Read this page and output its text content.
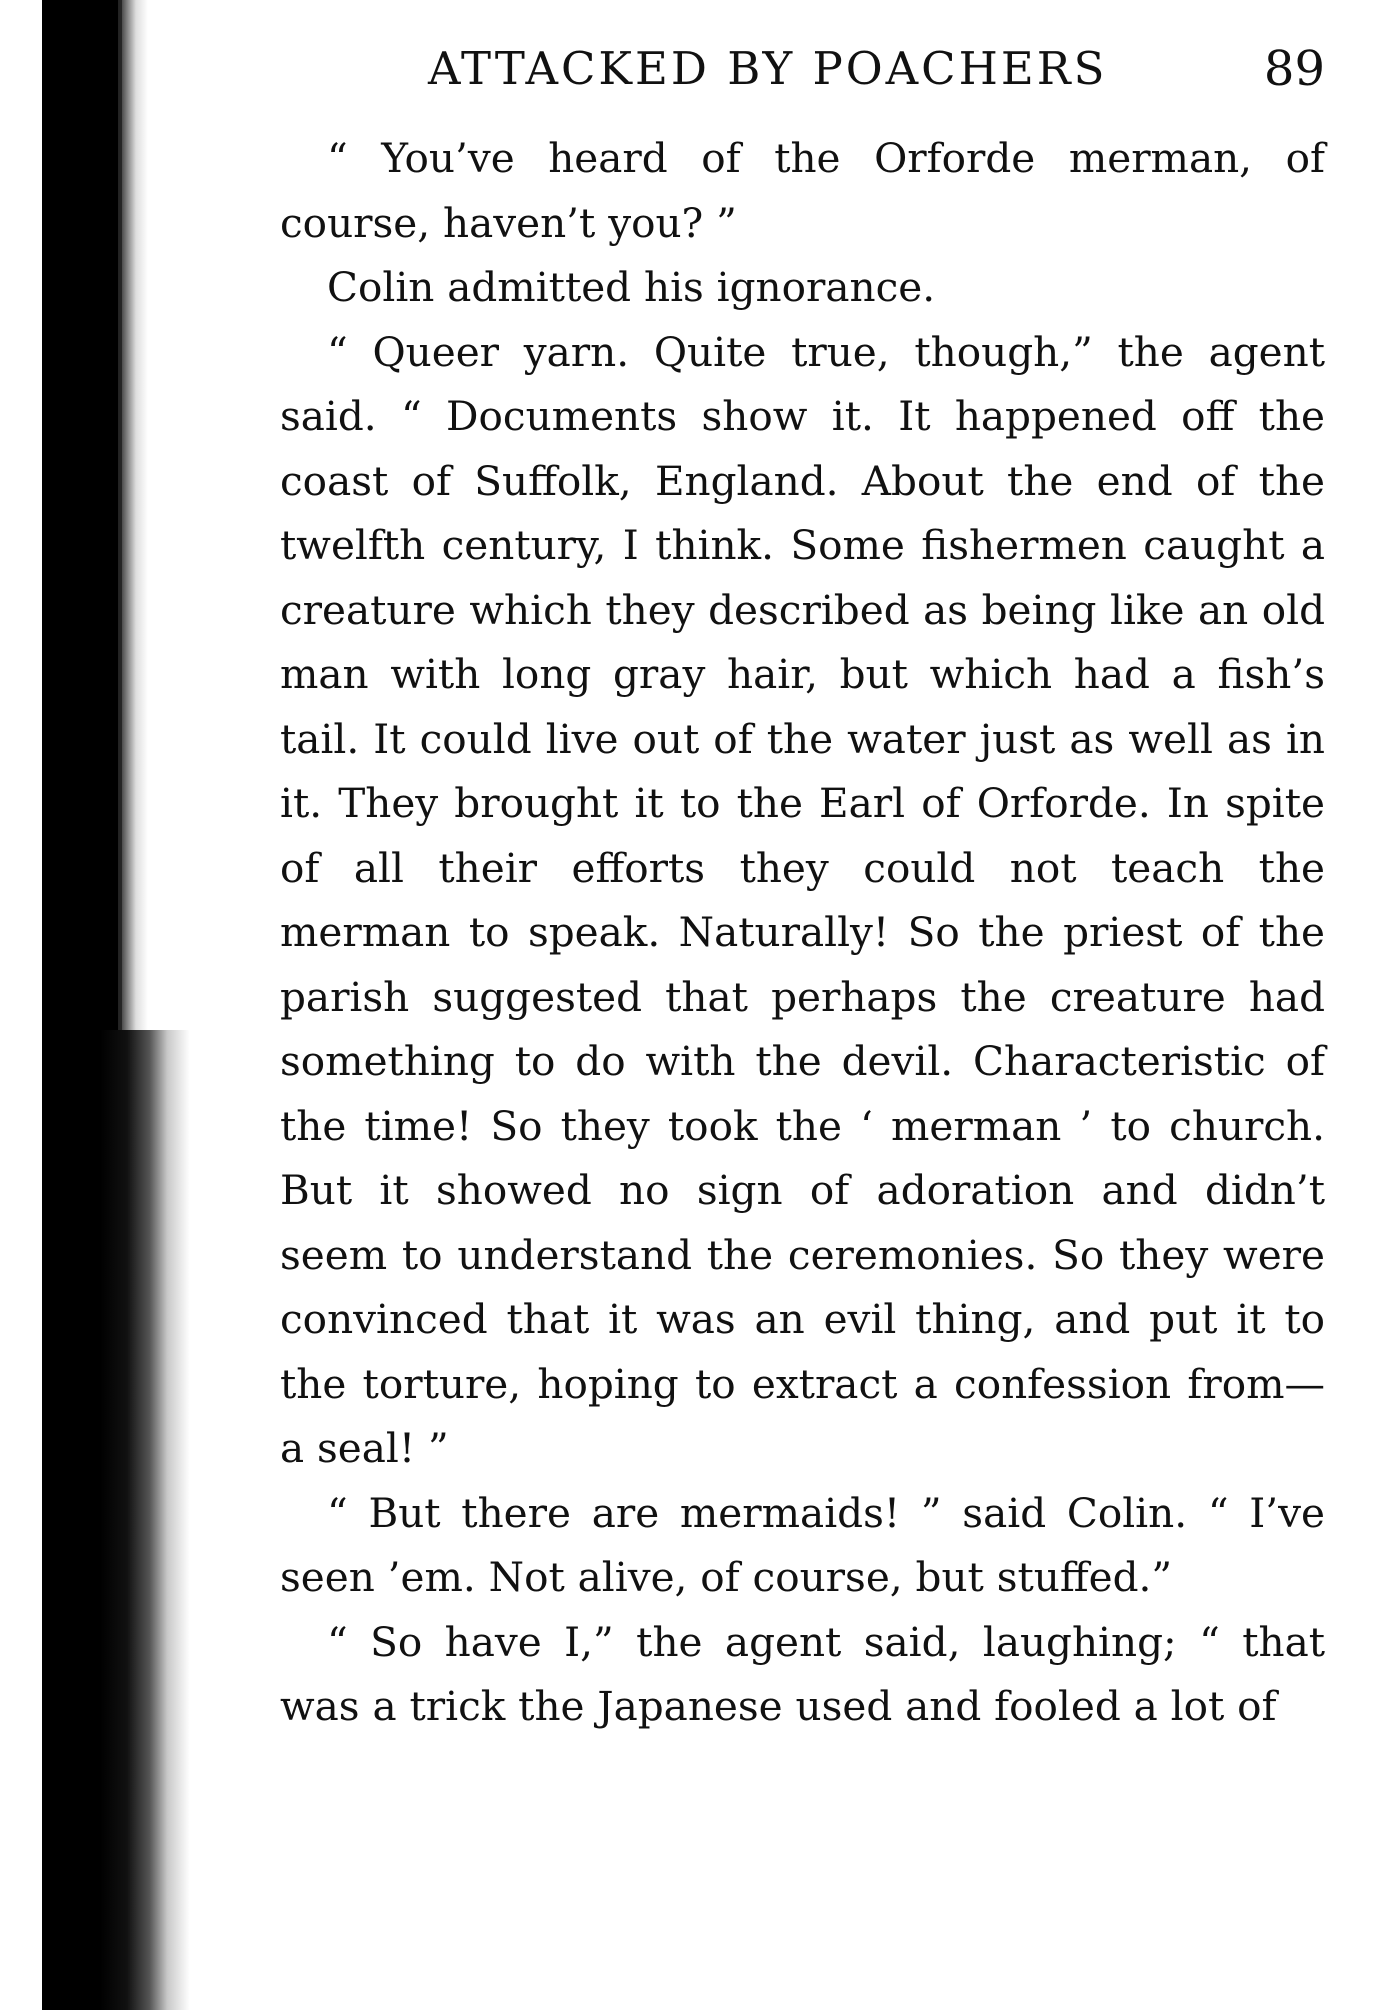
ATTACKED BY POACHERS	89

“ You’ve heard of the Orforde merman, of course, haven’t you? ”

Colin admitted his ignorance.

“ Queer yarn. Quite true, though,” the agent said. “ Documents show it. It happened off the coast of Suffolk, England. About the end of the twelfth century, I think. Some fishermen caught a creature which they described as being like an old man with long gray hair, but which had a fish’s tail. It could live out of the water just as well as in it. They brought it to the Earl of Orforde. In spite of all their efforts they could not teach the merman to speak. Naturally! So the priest of the parish suggested that perhaps the creature had something to do with the devil. Characteristic of the time! So they took the ‘ merman ’ to church. But it showed no sign of adoration and didn’t seem to understand the ceremonies. So they were convinced that it was an evil thing, and put it to the torture, hoping to extract a confession from—a seal! ”

“ But there are mermaids! ” said Colin. “ I’ve seen ’em. Not alive, of course, but stuffed.”

“ So have I,” the agent said, laughing; “ that was a trick the Japanese used and fooled a lot of
